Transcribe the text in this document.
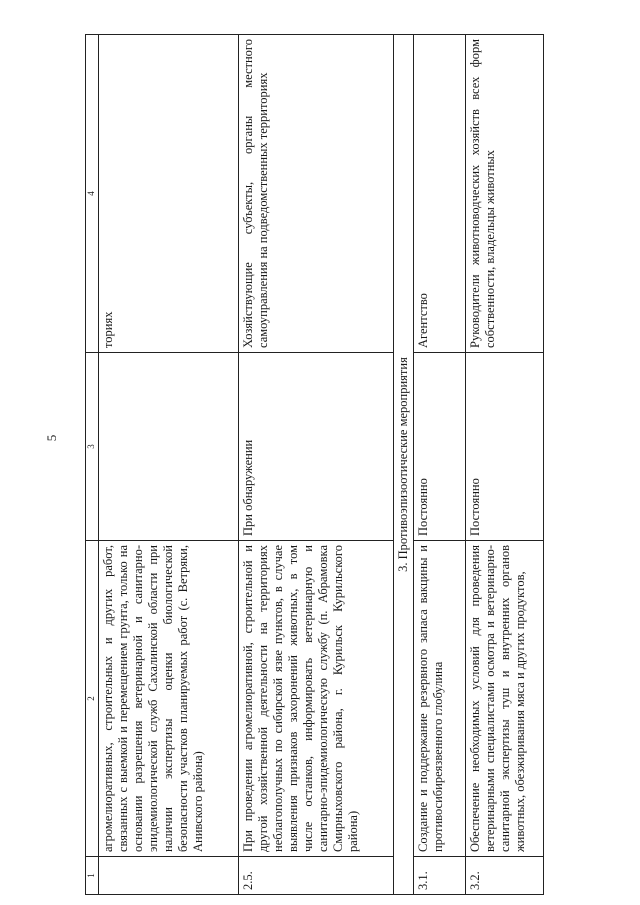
5
1	2	3	4
	агромелиоративных, строительных и других работ, связанных с выемкой и перемещением грунта, только на основании разрешения ветеринарной и санитарно-эпидемиологической служб Сахалинской области при наличии экспертизы оценки биологической безопасности участков планируемых работ (с. Ветряки, Анивского района)		ториях
2.5.	При проведении агромелиоративной, строительной и другой хозяйственной деятельности на территориях неблагополучных по сибирской язве пунктов, в случае выявления признаков захоронений животных, в том числе останков, информировать ветеринарную и санитарно-эпидемиологическую службу (п. Абрамовка Смирныховского района, г. Курильск Курильского района)	При обнаружении	Хозяйствующие субъекты, органы местного самоуправления на подведомственных территориях
3. Противоэпизоотические мероприятия			
3.1.	Создание и поддержание резервного запаса вакцины и противосибиреязвенного глобулина	Постоянно	Агентство
3.2.	Обеспечение необходимых условий для проведения ветеринарными специалистами осмотра и ветеринарно-санитарной экспертизы туш и внутренних органов животных, обезжиривания мяса и других продуктов,	Постоянно	Руководители животноводческих хозяйств всех форм собственности, владельцы животных
